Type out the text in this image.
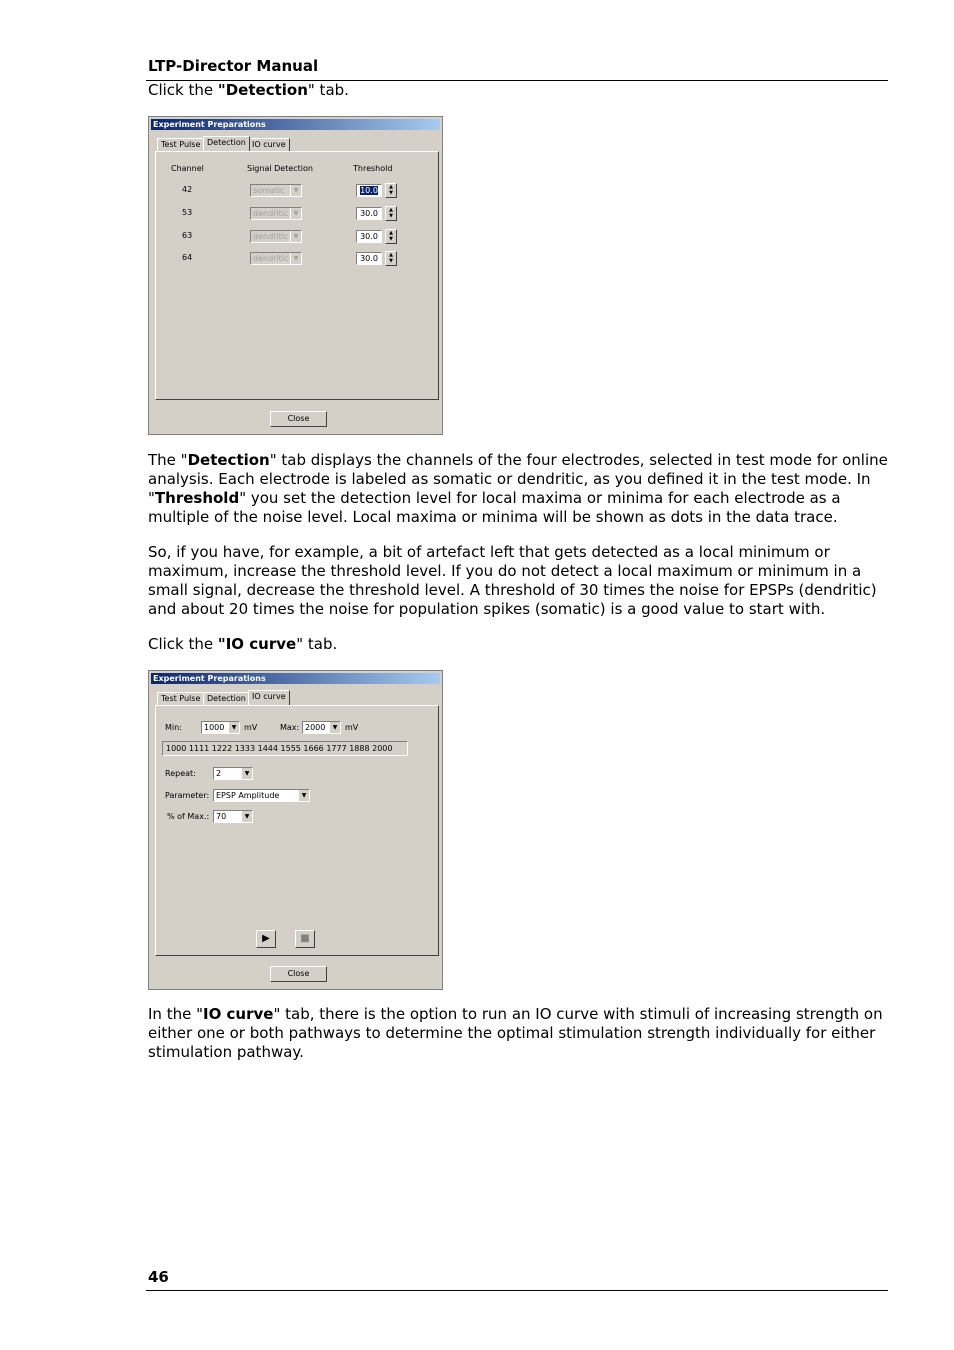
LTP-Director Manual
Click the "Detection" tab.
Experiment Preparations
Test Pulse Detection IO curve
Channel	Signal Detection	Threshold
42	somatic	▼	10.0	▲
▼
53	dendritic ▼	30.0	▲
▼
63	dendritic ▼	30.0	▲
▼
64	dendritic ▼	30.0	▲
▼
Close
The "Detection" tab displays the channels of the four electrodes, selected in test mode for online analysis. Each electrode is labeled as somatic or dendritic, as you defined it in the test mode. In "Threshold" you set the detection level for local maxima or minima for each electrode as a multiple of the noise level. Local maxima or minima will be shown as dots in the data trace.
So, if you have, for example, a bit of artefact left that gets detected as a local minimum or maximum, increase the threshold level. If you do not detect a local maximum or minimum in a small signal, decrease the threshold level. A threshold of 30 times the noise for EPSPs (dendritic) and about 20 times the noise for population spikes (somatic) is a good value to start with.
Click the "IO curve" tab.
Experiment Preparations
Test Pulse Detection IO curve
Min:	1000	▼ mV	Max: 2000	▼ mV
1000 1111 1222 1333 1444 1555 1666 1777 1888 2000
Repeat:	2	▼
Parameter: EPSP Amplitude	▼
% of Max.: 70	▼
▶	■
Close
In the "IO curve" tab, there is the option to run an IO curve with stimuli of increasing strength on either one or both pathways to determine the optimal stimulation strength individually for either stimulation pathway.
46
